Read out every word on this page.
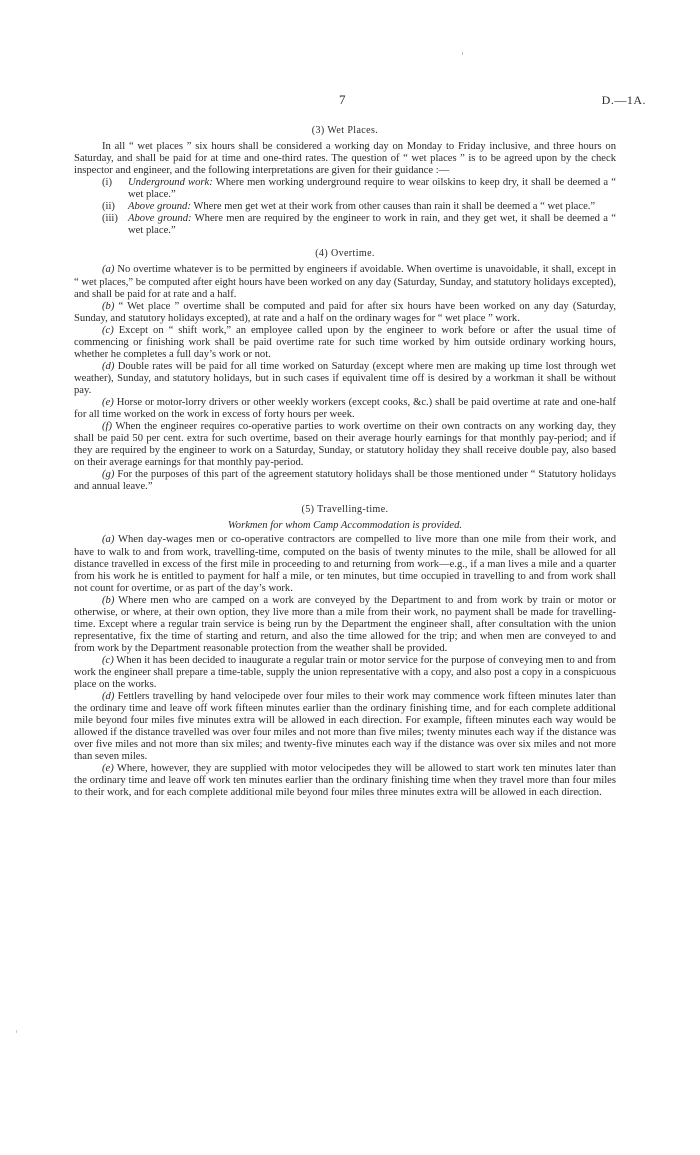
7	D.—1A.
(3) Wet Places.

In all “ wet places ” six hours shall be considered a working day on Monday to Friday inclusive, and three hours on Saturday, and shall be paid for at time and one-third rates. The question of “ wet places ” is to be agreed upon by the check inspector and engineer, and the following interpretations are given for their guidance :—

(i) Underground work: Where men working underground require to wear oilskins to keep dry, it shall be deemed a “ wet place.”
(ii) Above ground: Where men get wet at their work from other causes than rain it shall be deemed a “ wet place.”
(iii) Above ground: Where men are required by the engineer to work in rain, and they get wet, it shall be deemed a “ wet place.”
(4) Overtime.

(a) No overtime whatever is to be permitted by engineers if avoidable. When overtime is unavoidable, it shall, except in “ wet places,” be computed after eight hours have been worked on any day (Saturday, Sunday, and statutory holidays excepted), and shall be paid for at rate and a half.

(b) “ Wet place ” overtime shall be computed and paid for after six hours have been worked on any day (Saturday, Sunday, and statutory holidays excepted), at rate and a half on the ordinary wages for “ wet place ” work.

(c) Except on “ shift work,” an employee called upon by the engineer to work before or after the usual time of commencing or finishing work shall be paid overtime rate for such time worked by him outside ordinary working hours, whether he completes a full day’s work or not.

(d) Double rates will be paid for all time worked on Saturday (except where men are making up time lost through wet weather), Sunday, and statutory holidays, but in such cases if equivalent time off is desired by a workman it shall be without pay.

(e) Horse or motor-lorry drivers or other weekly workers (except cooks, &c.) shall be paid overtime at rate and one-half for all time worked on the work in excess of forty hours per week.

(f) When the engineer requires co-operative parties to work overtime on their own contracts on any working day, they shall be paid 50 per cent. extra for such overtime, based on their average hourly earnings for that monthly pay-period; and if they are required by the engineer to work on a Saturday, Sunday, or statutory holiday they shall receive double pay, also based on their average earnings for that monthly pay-period.

(g) For the purposes of this part of the agreement statutory holidays shall be those mentioned under “ Statutory holidays and annual leave.”

(5) Travelling-time.
Workmen for whom Camp Accommodation is provided.

(a) When day-wages men or co-operative contractors are compelled to live more than one mile from their work, and have to walk to and from work, travelling-time, computed on the basis of twenty minutes to the mile, shall be allowed for all distance travelled in excess of the first mile in proceeding to and returning from work—e.g., if a man lives a mile and a quarter from his work he is entitled to payment for half a mile, or ten minutes, but time occupied in travelling to and from work shall not count for overtime, or as part of the day’s work.

(b) Where men who are camped on a work are conveyed by the Department to and from work by train or motor or otherwise, or where, at their own option, they live more than a mile from their work, no payment shall be made for travelling-time. Except where a regular train service is being run by the Department the engineer shall, after consultation with the union representative, fix the time of starting and return, and also the time allowed for the trip; and when men are conveyed to and from work by the Department reasonable protection from the weather shall be provided.

(c) When it has been decided to inaugurate a regular train or motor service for the purpose of conveying men to and from work the engineer shall prepare a time-table, supply the union representative with a copy, and also post a copy in a conspicuous place on the works.

(d) Fettlers travelling by hand velocipede over four miles to their work may commence work fifteen minutes later than the ordinary time and leave off work fifteen minutes earlier than the ordinary finishing time, and for each complete additional mile beyond four miles five minutes extra will be allowed in each direction. For example, fifteen minutes each way would be allowed if the distance travelled was over four miles and not more than five miles; twenty minutes each way if the distance was over five miles and not more than six miles; and twenty-five minutes each way if the distance was over six miles and not more than seven miles.

(e) Where, however, they are supplied with motor velocipedes they will be allowed to start work ten minutes later than the ordinary time and leave off work ten minutes earlier than the ordinary finishing time when they travel more than four miles to their work, and for each complete additional mile beyond four miles three minutes extra will be allowed in each direction.
